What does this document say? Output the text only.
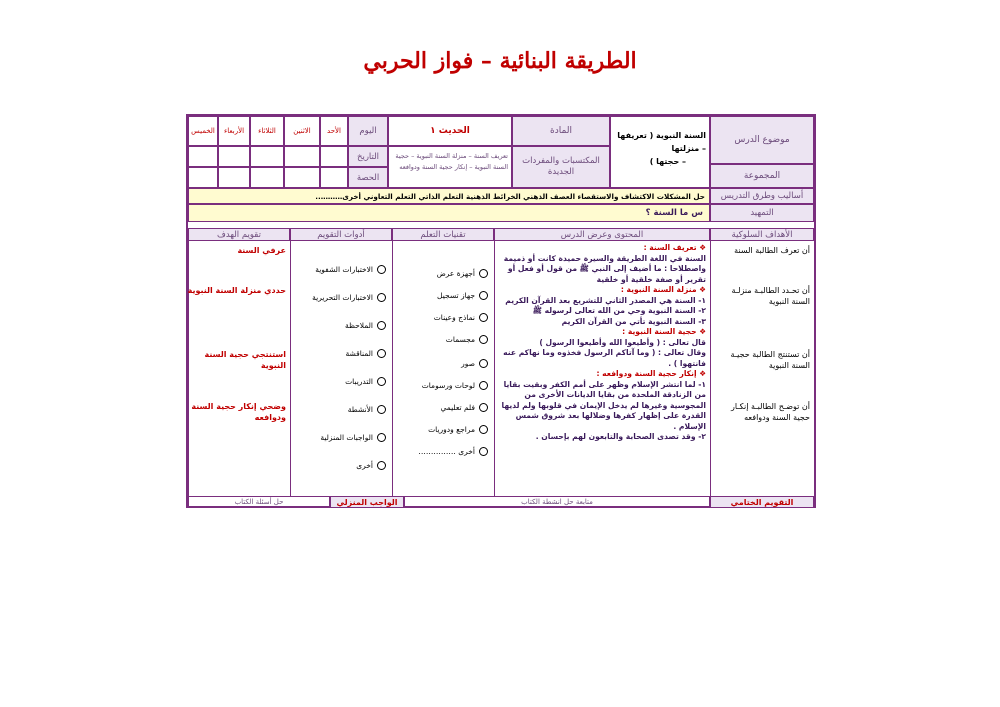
الطريقة البنائية – فواز الحربي
موضوع الدرس
المجموعة
السنة النبوية ( تعريفها – منزلتها
– حجتها )
المادة
المكتسبات والمفردات الجديدة
الحديث ١
تعريف السنة – منزلة السنة النبوية – حجية السنة النبوية – إنكار حجية السنة ودوافعه
اليوم
التاريخ
الحصة
الأحد
الاثنين
الثلاثاء
الأربعاء
الخميس
أساليب وطرق التدريس
حل المشكلات الاكتشاف والاستقصاء العصف الذهني الخرائط الذهنية التعلم الذاتي التعلم التعاوني أخرى………..
التمهيد
س ما السنة ؟
الأهداف السلوكية
المحتوى وعرض الدرس
تقنيات التعلم
أدوات التقويم
تقويم الهدف
أن تعرف الطالبة السنة
أن تحـدد الطالبـة منزلـة السنة النبوية
أن تستنتج الطالبة حجيـة السنة النبوية
أن توضـح الطالبـة إنكـار حجية السنة ودوافعه

❖ تعريف السنة :

السنة في اللغة الطريقة والسيرة حميدة كانت أو ذميمة واصطلاحا : ما أضيف إلى النبي ﷺ من قول أو فعل أو تقرير أو صفة خلقية أو خلقية

❖ منزلة السنة النبوية :

١- السنة هي المصدر الثاني للتشريع بعد القرآن الكريم

٢- السنة النبوية وحي من الله تعالى لرسوله ﷺ

٣- السنة النبوية تأتي من القرآن الكريم

❖ حجية السنة النبوية :

قال تعالى : ( وأطيعوا الله وأطيعوا الرسول )

وقال تعالى : ( وما آتاكم الرسول فخذوه وما نهاكم عنه فانتهوا ) .

❖ إنكار حجية السنة ودوافعه :

١- لما انتشر الإسلام وظهر على أمم الكفر وبقيت بقايا من الزنادقة الملحدة من بقايا الديانات الأخرى من المجوسية وغيرها لم يدخل الإيمان في قلوبها ولم لديها القدرة على إظهار كفرها وضلالها بعد شروق شمس الإسلام .

٢- وقد تصدى الصحابة والتابعون لهم بإحسان .

أجهزة عرض
جهاز تسجيل
نماذج وعينات
مجسمات
صور
لوحات ورسومات
فلم تعليمي
مراجع ودوريات
أخرى ……………
الاختبارات الشفوية
الاختبارات التحريرية
الملاحظة
المناقشة
التدريبات
الأنشطة
الواجبات المنزلية
أخرى
عرفي السنة
حددي منزلة السنة النبوية
استنتجي حجية السنة النبوية
وضحي إنكار حجية السنة ودوافعه
التقويم الختامي
متابعة حل انشطة الكتاب
الواجب المنزلي
حل أسئلة الكتاب
